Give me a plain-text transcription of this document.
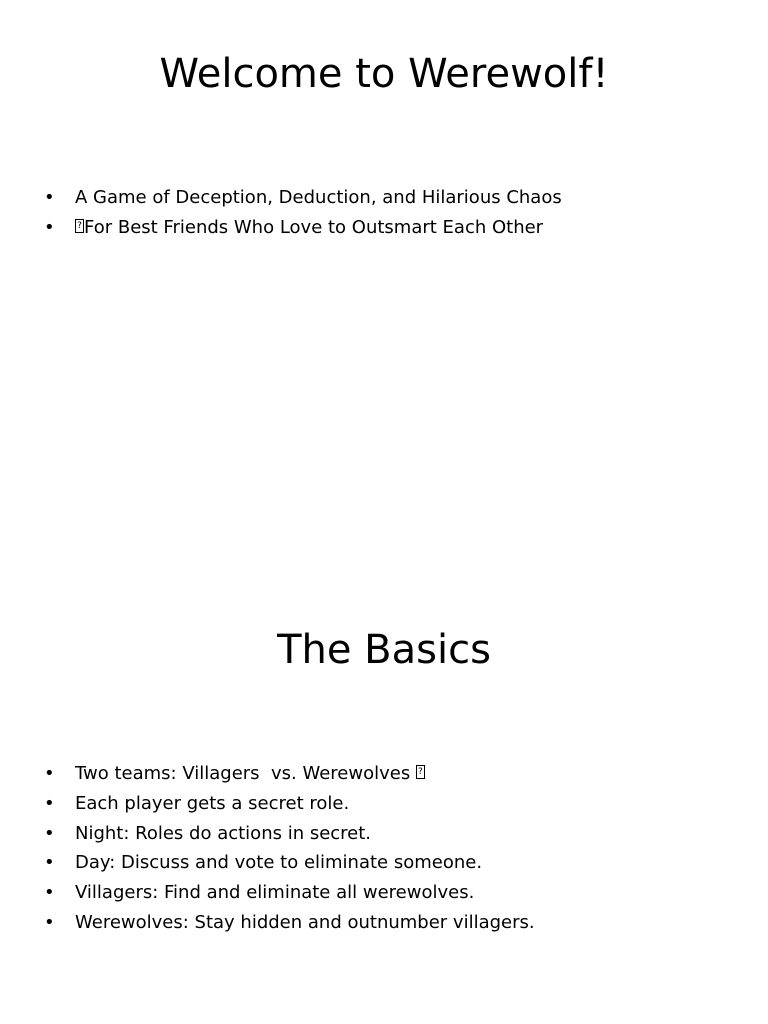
Welcome to Werewolf!
•	A Game of Deception, Deduction, and Hilarious Chaos
•
?	For Best Friends Who Love to Outsmart Each Other
The Basics
•	Two teams: Villagers  vs. Werewolves
?
•	Each player gets a secret role.
•	Night: Roles do actions in secret.
•	Day: Discuss and vote to eliminate someone.
•	Villagers: Find and eliminate all werewolves.
•	Werewolves: Stay hidden and outnumber villagers.
